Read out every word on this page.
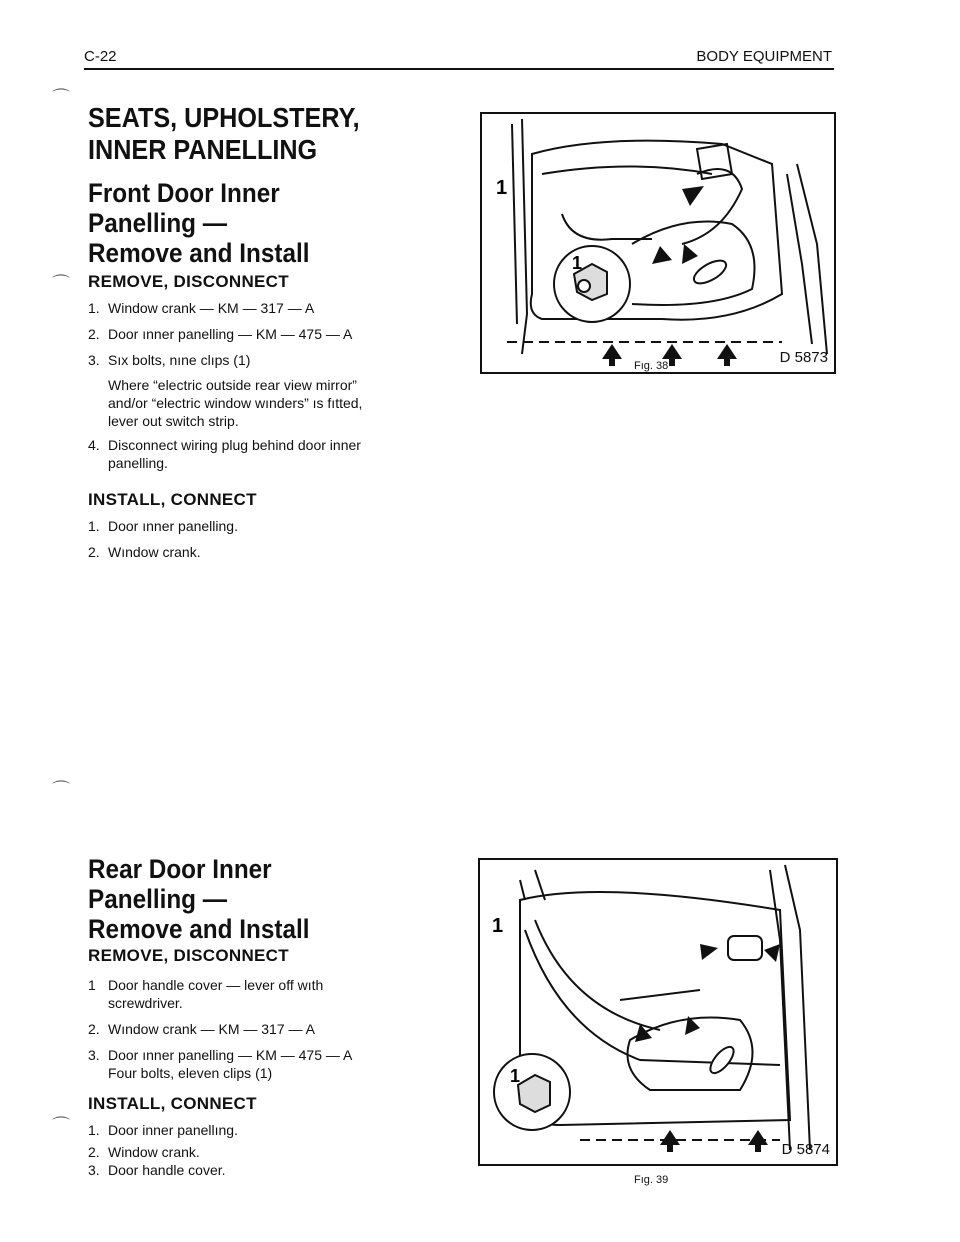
C-22	BODY EQUIPMENT
⌒
⌒
⌒
⌒
SEATS, UPHOLSTERY,
INNER PANELLING
Front Door Inner
Panelling —
Remove and Install
REMOVE, DISCONNECT
1. Window crank — KM — 317 — A
2. Door ınner panelling — KM — 475 — A
3. Sıx bolts, nıne clıps (1)
Where “electric outside rear view mirror”
and/or “electric window wınders” ıs fıtted,
lever out switch strip.
4. Disconnect wiring plug behind door inner
panelling.
INSTALL, CONNECT
1. Door ınner panelling.
2. Wındow crank.
Rear Door Inner
Panelling —
Remove and Install
REMOVE, DISCONNECT
1 Door handle cover — lever off wıth
screwdriver.
2. Wındow crank — KM — 317 — A
3. Door ınner panelling — KM — 475 — A
Four bolts, eleven clips (1)
INSTALL, CONNECT
1. Door inner panellıng.
2. Window crank.
3. Door handle cover.
1
1
D 5873
Fıg. 38
1
1
D 5874
Fıg. 39
